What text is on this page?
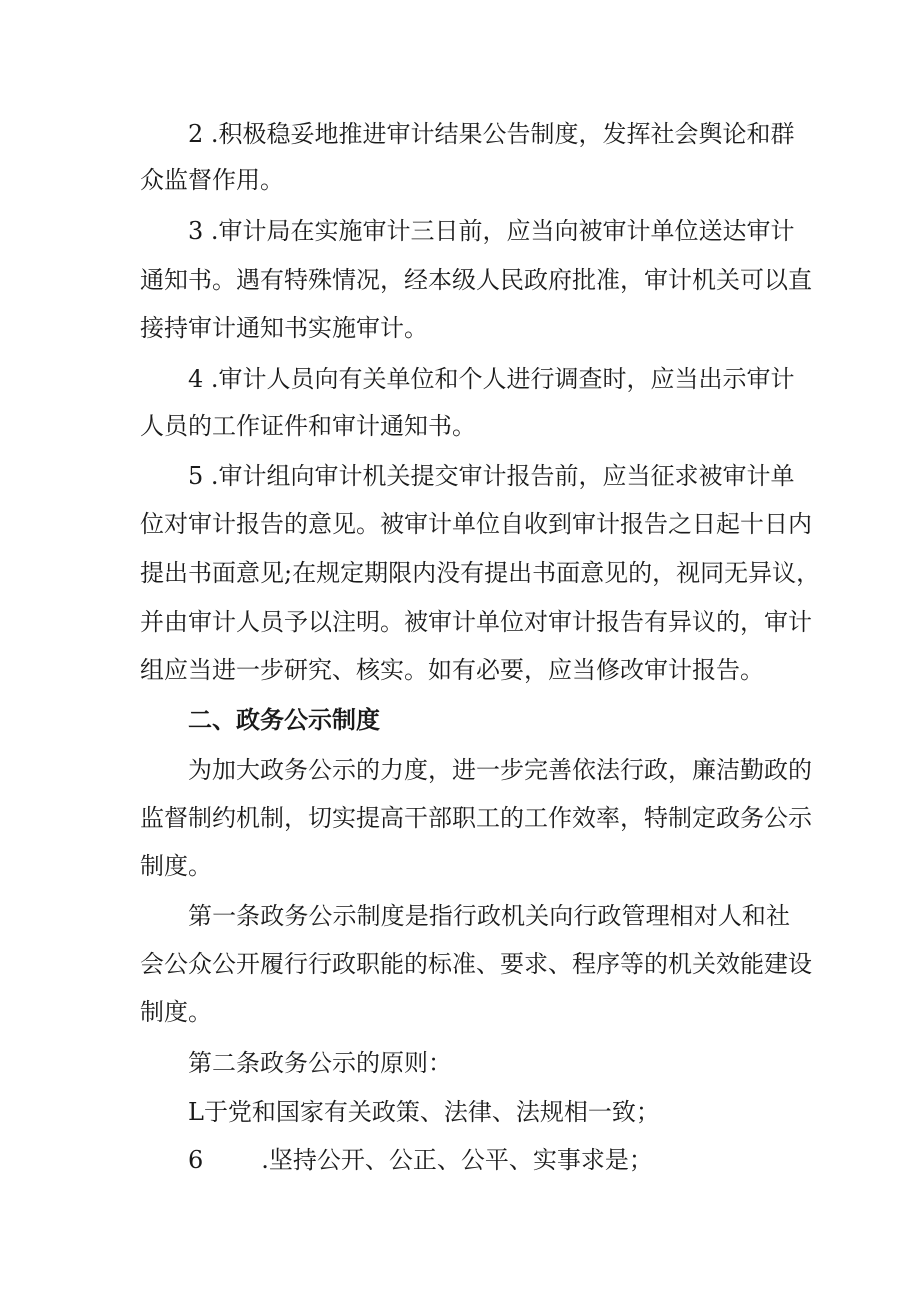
2 .积极稳妥地推进审计结果公告制度，发挥社会舆论和群
众监督作用。
3 .审计局在实施审计三日前，应当向被审计单位送达审计
通知书。遇有特殊情况，经本级人民政府批准，审计机关可以直
接持审计通知书实施审计。
4 .审计人员向有关单位和个人进行调查时，应当出示审计
人员的工作证件和审计通知书。
5 .审计组向审计机关提交审计报告前，应当征求被审计单
位对审计报告的意见。被审计单位自收到审计报告之日起十日内
提出书面意见;在规定期限内没有提出书面意见的，视同无异议，
并由审计人员予以注明。被审计单位对审计报告有异议的，审计
组应当进一步研究、核实。如有必要，应当修改审计报告。
二、政务公示制度
为加大政务公示的力度，进一步完善依法行政，廉洁勤政的
监督制约机制，切实提高干部职工的工作效率，特制定政务公示
制度。
第一条政务公示制度是指行政机关向行政管理相对人和社
会公众公开履行行政职能的标准、要求、程序等的机关效能建设
制度。
第二条政务公示的原则：
L于党和国家有关政策、法律、法规相一致；
6 .坚持公开、公正、公平、实事求是；
